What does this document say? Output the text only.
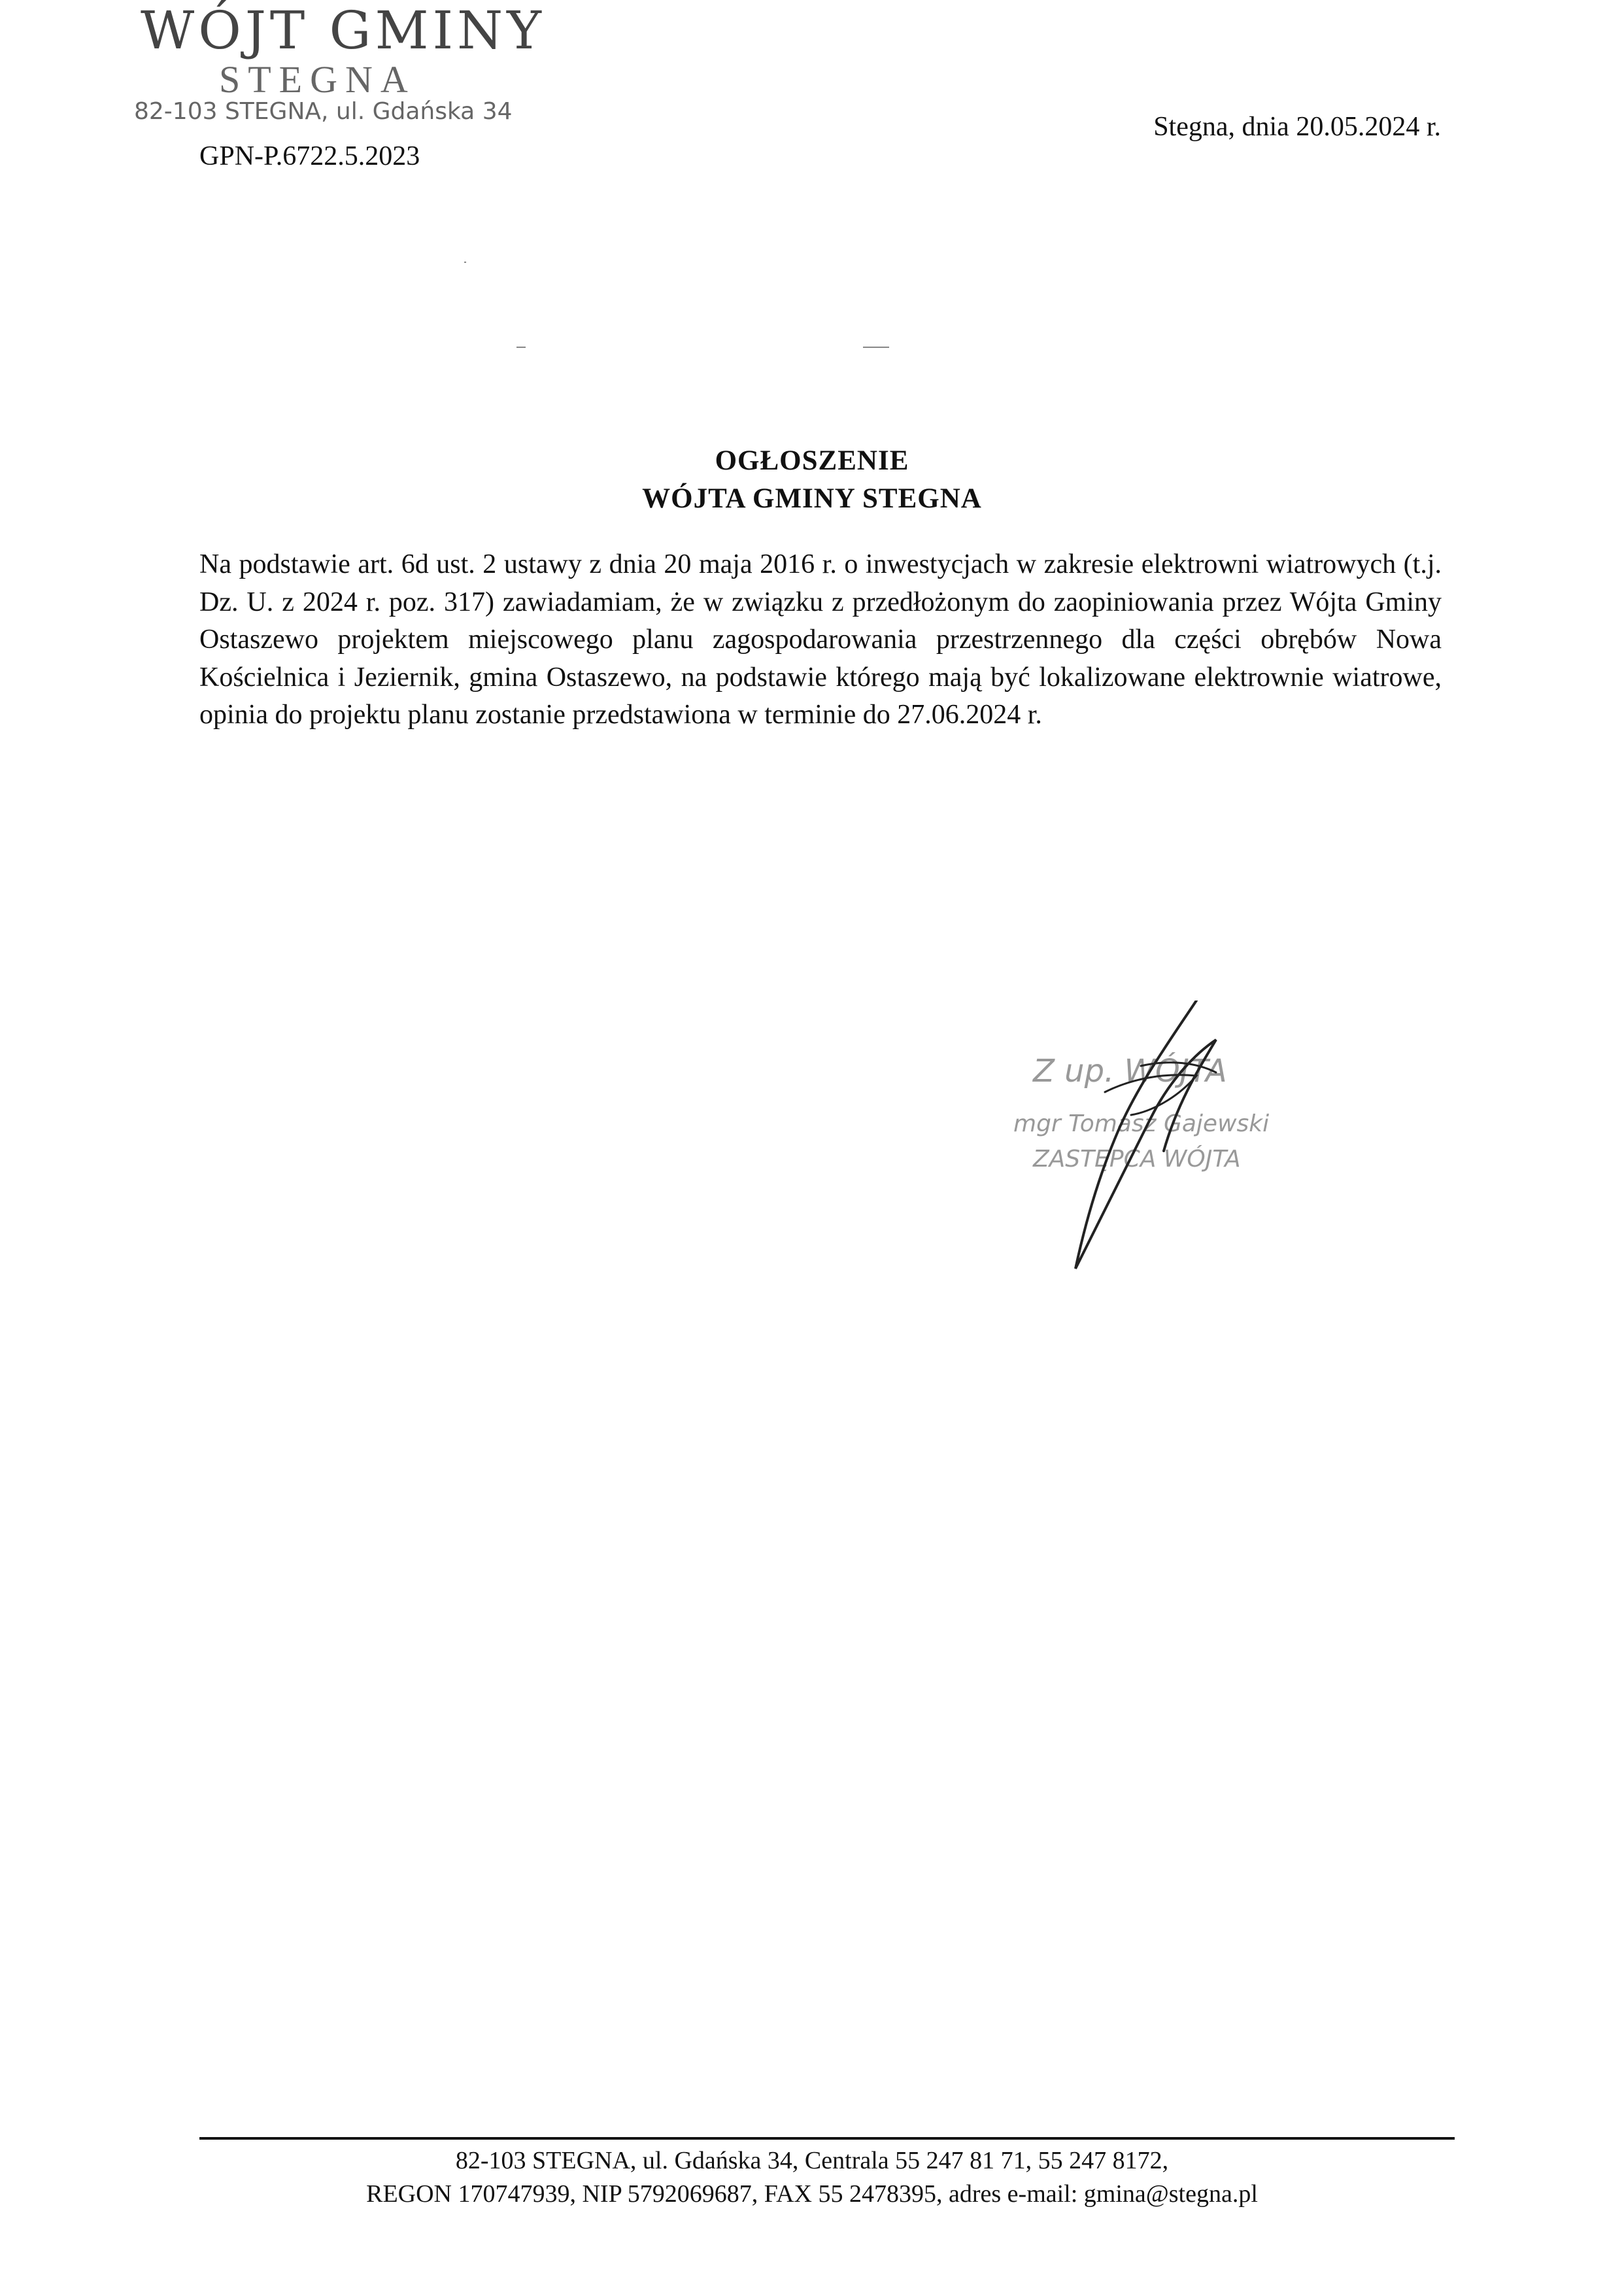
WÓJT GMINY
STEGNA
82-103 STEGNA, ul. Gdańska 34
GPN-P.6722.5.2023
Stegna, dnia 20.05.2024 r.
OGŁOSZENIE
WÓJTA GMINY STEGNA
Na podstawie art. 6d ust. 2 ustawy z dnia 20 maja 2016 r. o inwestycjach w zakresie elektrowni wiatrowych (t.j. Dz. U. z 2024 r. poz. 317) zawiadamiam, że w związku z przedłożonym do zaopiniowania przez Wójta Gminy Ostaszewo projektem miejscowego planu zagospodarowania przestrzennego dla części obrębów Nowa Kościelnica i Jeziernik, gmina Ostaszewo, na podstawie którego mają być lokalizowane elektrownie wiatrowe, opinia do projektu planu zostanie przedstawiona w terminie do 27.06.2024 r.
Z up. WÓJTA
mgr Tomasz Gajewski
ZASTĘPCA WÓJTA
82-103 STEGNA, ul. Gdańska 34, Centrala 55 247 81 71, 55 247 8172,
REGON 170747939, NIP 5792069687, FAX 55 2478395, adres e-mail: gmina@stegna.pl
